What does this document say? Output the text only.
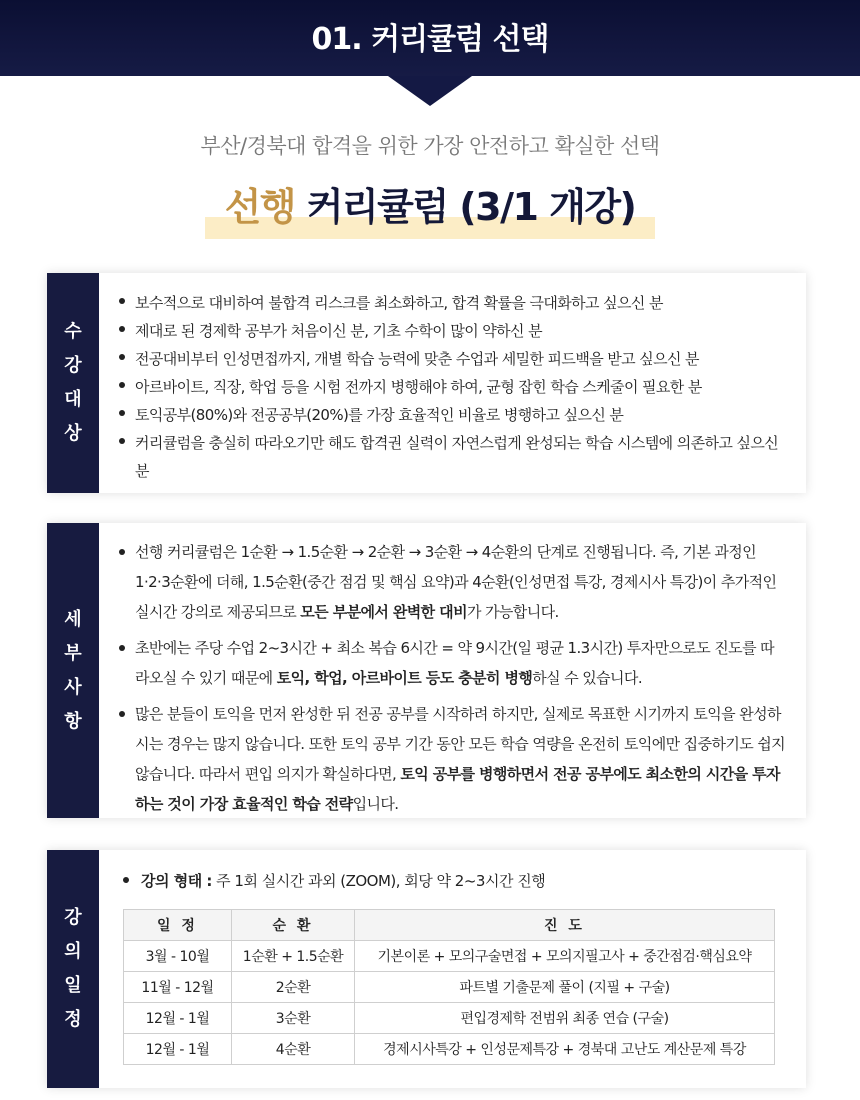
01. 커리큘럼 선택
부산/경북대 합격을 위한 가장 안전하고 확실한 선택
선행 커리큘럼 (3/1 개강)
수
강
대
상
보수적으로 대비하여 불합격 리스크를 최소화하고, 합격 확률을 극대화하고 싶으신 분
제대로 된 경제학 공부가 처음이신 분, 기초 수학이 많이 약하신 분
전공대비부터 인성면접까지, 개별 학습 능력에 맞춘 수업과 세밀한 피드백을 받고 싶으신 분
아르바이트, 직장, 학업 등을 시험 전까지 병행해야 하여, 균형 잡힌 학습 스케줄이 필요한 분
토익공부(80%)와 전공공부(20%)를 가장 효율적인 비율로 병행하고 싶으신 분
커리큘럼을 충실히 따라오기만 해도 합격권 실력이 자연스럽게 완성되는 학습 시스템에 의존하고 싶으신 분
세
부
사
항
선행 커리큘럼은 1순환 → 1.5순환 → 2순환 → 3순환 → 4순환의 단계로 진행됩니다. 즉, 기본 과정인 1·2·3순환에 더해, 1.5순환(중간 점검 및 핵심 요약)과 4순환(인성면접 특강, 경제시사 특강)이 추가적인 실시간 강의로 제공되므로 모든 부분에서 완벽한 대비가 가능합니다.
초반에는 주당 수업 2~3시간 + 최소 복습 6시간 = 약 9시간(일 평균 1.3시간) 투자만으로도 진도를 따라오실 수 있기 때문에 토익, 학업, 아르바이트 등도 충분히 병행하실 수 있습니다.
많은 분들이 토익을 먼저 완성한 뒤 전공 공부를 시작하려 하지만, 실제로 목표한 시기까지 토익을 완성하시는 경우는 많지 않습니다. 또한 토익 공부 기간 동안 모든 학습 역량을 온전히 토익에만 집중하기도 쉽지 않습니다. 따라서 편입 의지가 확실하다면, 토익 공부를 병행하면서 전공 공부에도 최소한의 시간을 투자하는 것이 가장 효율적인 학습 전략입니다.
강
의
일
정
강의 형태 : 주 1회 실시간 과외 (ZOOM), 회당 약 2~3시간 진행
일 정	순 환	진 도
3월 - 10월	1순환 + 1.5순환	기본이론 + 모의구술면접 + 모의지필고사 + 중간점검·핵심요약
11월 - 12월	2순환	파트별 기출문제 풀이 (지필 + 구술)
12월 - 1월	3순환	편입경제학 전범위 최종 연습 (구술)
12월 - 1월	4순환	경제시사특강 + 인성문제특강 + 경북대 고난도 계산문제 특강
